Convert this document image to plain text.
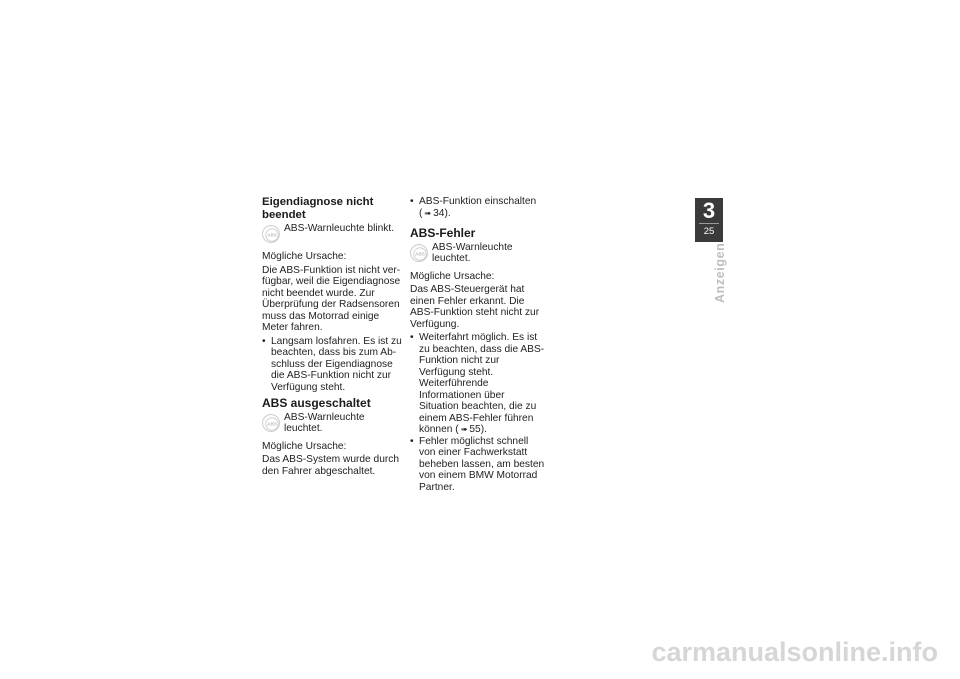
Eigendiagnose nicht beendet
ABS
ABS-Warnleuchte blinkt.

Mögliche Ursache:

Die ABS-Funktion ist nicht verfügbar, weil die Eigendiagnose nicht beendet wurde. Zur Überprüfung der Radsensoren muss das Motorrad einige Meter fahren.

• Langsam losfahren. Es ist zu beachten, dass bis zum Abschluss der Eigendiagnose die ABS-Funktion nicht zur Verfügung steht.

ABS ausgeschaltet
ABS
ABS-Warnleuchte leuchtet.

Mögliche Ursache:

Das ABS-System wurde durch den Fahrer abgeschaltet.

• ABS-Funktion einschalten
( ➠ 34).

ABS-Fehler
ABS
ABS-Warnleuchte leuchtet.

Mögliche Ursache:

Das ABS-Steuergerät hat einen Fehler erkannt. Die ABS-Funktion steht nicht zur Verfügung.

• Weiterfahrt möglich. Es ist zu beachten, dass die ABS-Funktion nicht zur Verfügung steht. Weiterführende Informationen über Situation beachten, die zu einem ABS-Fehler führen können ( ➠ 55).

• Fehler möglichst schnell von einer Fachwerkstatt beheben lassen, am besten von einem BMW Motorrad Partner.

3
25
Anzeigen
carmanualsonline.info
